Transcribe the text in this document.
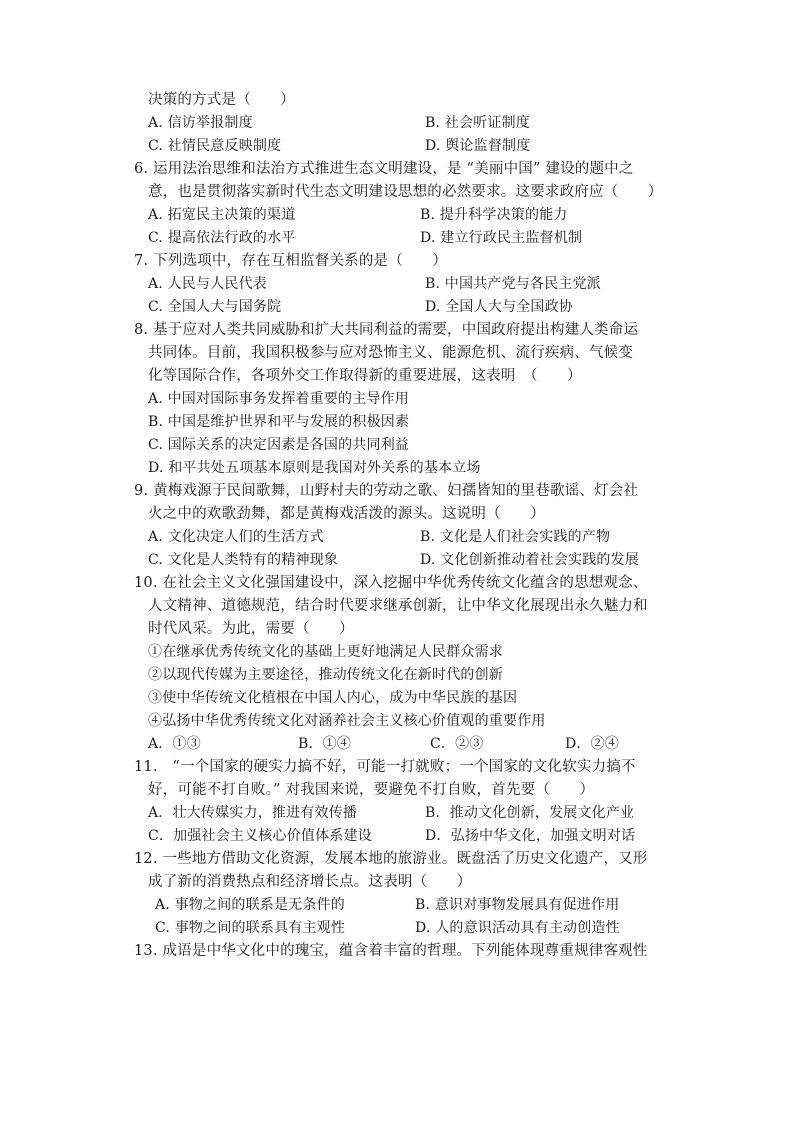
决策的方式是（　　）
A. 信访举报制度	B. 社会听证制度
C. 社情民意反映制度	D. 舆论监督制度
6. 运用法治思维和法治方式推进生态文明建设，是 “美丽中国” 建设的题中之
意，也是贯彻落实新时代生态文明建设思想的必然要求。这要求政府应（　　）
A. 拓宽民主决策的渠道	B. 提升科学决策的能力
C. 提高依法行政的水平	D. 建立行政民主监督机制
7. 下列选项中，存在互相监督关系的是（　　）
A. 人民与人民代表	B. 中国共产党与各民主党派
C. 全国人大与国务院	D. 全国人大与全国政协
8. 基于应对人类共同威胁和扩大共同利益的需要，中国政府提出构建人类命运
共同体。目前，我国积极参与应对恐怖主义、能源危机、流行疾病、气候变
化等国际合作，各项外交工作取得新的重要进展，这表明　（　　）
A. 中国对国际事务发挥着重要的主导作用
B. 中国是维护世界和平与发展的积极因素
C. 国际关系的决定因素是各国的共同利益
D. 和平共处五项基本原则是我国对外关系的基本立场
9. 黄梅戏源于民间歌舞，山野村夫的劳动之歌、妇孺皆知的里巷歌谣、灯会社
火之中的欢歌劲舞，都是黄梅戏活泼的源头。这说明（　　）
A. 文化决定人们的生活方式	B. 文化是人们社会实践的产物
C. 文化是人类特有的精神现象	D. 文化创新推动着社会实践的发展
10. 在社会主义文化强国建设中，深入挖掘中华优秀传统文化蕴含的思想观念、
人文精神、道德规范，结合时代要求继承创新，让中华文化展现出永久魅力和
时代风采。为此，需要（　　）
①在继承优秀传统文化的基础上更好地满足人民群众需求
②以现代传媒为主要途径，推动传统文化在新时代的创新
③使中华传统文化植根在中国人内心，成为中华民族的基因
④弘扬中华优秀传统文化对涵养社会主义核心价值观的重要作用
A．①③	B．①④	C．②③	D．②④
11.　“一个国家的硬实力搞不好，可能一打就败；一个国家的文化软实力搞不
好，可能不打自败。” 对我国来说，要避免不打自败，首先要（　　）
A．壮大传媒实力，推进有效传播	B．推动文化创新，发展文化产业
C．加强社会主义核心价值体系建设	D．弘扬中华文化，加强文明对话
12. 一些地方借助文化资源，发展本地的旅游业。既盘活了历史文化遗产，又形
成了新的消费热点和经济增长点。这表明（　　）
A. 事物之间的联系是无条件的	B. 意识对事物发展具有促进作用
C. 事物之间的联系具有主观性	D. 人的意识活动具有主动创造性
13. 成语是中华文化中的瑰宝，蕴含着丰富的哲理。下列能体现尊重规律客观性
